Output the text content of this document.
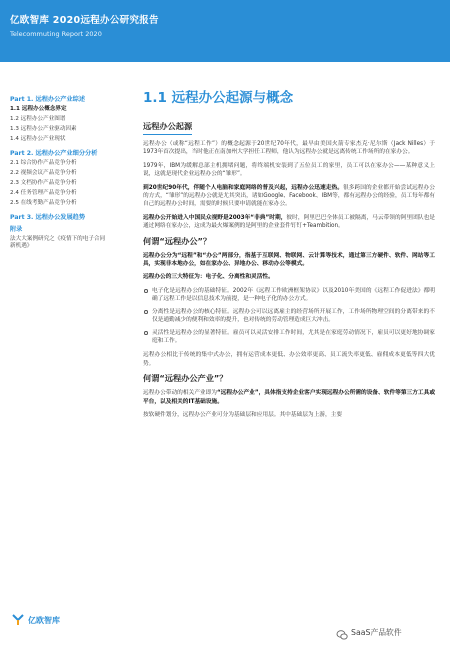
亿欧智库 2020远程办公研究报告
Telecommuting Report 2020
Part 1. 远程办公产业综述
1.1 远程办公概念界定
1.2 远程办公产业图谱
1.3 远程办公产业驱动因素
1.4 远程办公产业现状
Part 2. 远程办公产业细分分析
2.1 综合协作产品竞争分析
2.2 视频会议产品竞争分析
2.3 文档协作产品竞争分析
2.4 任务管理产品竞争分析
2.5 在线考勤产品竞争分析
Part 3. 远程办公发展趋势
附录
法大大案例研究之《疫情下的电子合同新机遇》
1.1 远程办公起源与概念
远程办公起源
远程办公（或称“远程工作”）的概念起源于20世纪70年代，最早由美国火箭专家杰克·尼尔斯（Jack Nilles）于1973年首次提出，当时他正在南加州大学担任工程师，他认为远程办公就是远离传统工作场所的在家办公。
1979年，IBM为缓解总部主机拥堵问题，将终端机安装到了五位员工的家里，员工可以在家办公——某种意义上说，这就是现代企业远程办公的“雏形”。
到20世纪90年代，伴随个人电脑和家庭网络的普及兴起，远程办公迅速走热。很多跨国的企业都开始尝试远程办公的方式，“雏形”的远程办公就是尤其突出，诸如Google、Facebook、IBM等，都有远程办公的经验，员工每年都有自己的远程办公时间，需要的时候只要申请就能在家办公。
远程办公开始进入中国民众视野是2003年“非典”时期，彼时，阿里巴巴全体员工被隔离，马云带领的阿里团队也是通过网络在家办公，这成为最火爆案例的是阿里的企业套件钉钉+Teambition。
何谓“远程办公”？
远程办公分为“远程”和“办公”两部分，指基于互联网、物联网、云计算等技术，通过第三方硬件、软件、网站等工具，实现非本地办公，如在家办公、异地办公、移动办公等模式。
远程办公的三大特征为：电子化、分离性和灵活性。
电子化是远程办公的基础特征。2002年《远程工作欧洲框架协议》以及2010年美国的《远程工作促进法》都明确了远程工作是以信息技术为前提，是一种电子化的办公方式。
分离性是远程办公的核心特征。远程办公可以远离雇主的经营场所开展工作，工作场所物理空间的分离带来的不仅是通勤减少的便利和效率的提升，也对传统的劳动管理造成巨大冲击。
灵活性是远程办公的显著特征。雇员可以灵活安排工作时间，尤其是在家庭劳动情况下，雇员可以更好地协调家庭和工作。
远程办公相比于传统的集中式办公，拥有运营成本更低、办公效率更高、员工流失率更低、雇佣成本更低等四大优势。
何谓“远程办公产业”？
远程办公带动的相关产业即为“远程办公产业”，具体指支持企业客户实现远程办公所需的设备、软件等第三方工具或平台，以及相关的IT基础设施。
按软硬件划分，远程办公产业可分为基础层和应用层。其中基础层为上游，主要
亿欧智库
SaaS产品软件
